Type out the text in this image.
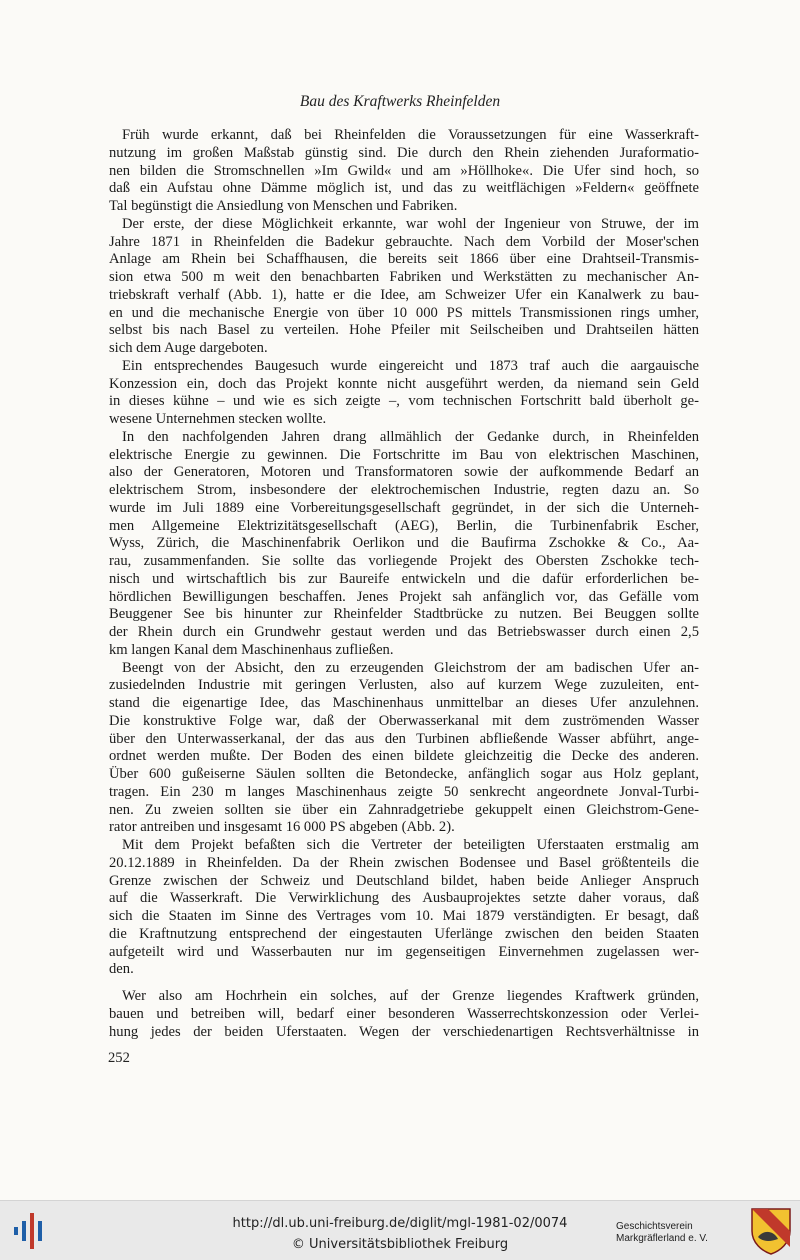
Bau des Kraftwerks Rheinfelden

Früh wurde erkannt, daß bei Rheinfelden die Voraussetzungen für eine Wasserkraft-
nutzung im großen Maßstab günstig sind. Die durch den Rhein ziehenden Juraformatio-
nen bilden die Stromschnellen »Im Gwild« und am »Höllhoke«. Die Ufer sind hoch, so
daß ein Aufstau ohne Dämme möglich ist, und das zu weitflächigen »Feldern« geöffnete
Tal begünstigt die Ansiedlung von Menschen und Fabriken.

Der erste, der diese Möglichkeit erkannte, war wohl der Ingenieur von Struwe, der im
Jahre 1871 in Rheinfelden die Badekur gebrauchte. Nach dem Vorbild der Moser'schen
Anlage am Rhein bei Schaffhausen, die bereits seit 1866 über eine Drahtseil-Transmis-
sion etwa 500 m weit den benachbarten Fabriken und Werkstätten zu mechanischer An-
triebskraft verhalf (Abb. 1), hatte er die Idee, am Schweizer Ufer ein Kanalwerk zu bau-
en und die mechanische Energie von über 10 000 PS mittels Transmissionen rings umher,
selbst bis nach Basel zu verteilen. Hohe Pfeiler mit Seilscheiben und Drahtseilen hätten
sich dem Auge dargeboten.

Ein entsprechendes Baugesuch wurde eingereicht und 1873 traf auch die aargauische
Konzession ein, doch das Projekt konnte nicht ausgeführt werden, da niemand sein Geld
in dieses kühne – und wie es sich zeigte –, vom technischen Fortschritt bald überholt ge-
wesene Unternehmen stecken wollte.

In den nachfolgenden Jahren drang allmählich der Gedanke durch, in Rheinfelden
elektrische Energie zu gewinnen. Die Fortschritte im Bau von elektrischen Maschinen,
also der Generatoren, Motoren und Transformatoren sowie der aufkommende Bedarf an
elektrischem Strom, insbesondere der elektrochemischen Industrie, regten dazu an. So
wurde im Juli 1889 eine Vorbereitungsgesellschaft gegründet, in der sich die Unterneh-
men Allgemeine Elektrizitätsgesellschaft (AEG), Berlin, die Turbinenfabrik Escher,
Wyss, Zürich, die Maschinenfabrik Oerlikon und die Baufirma Zschokke & Co., Aa-
rau, zusammenfanden. Sie sollte das vorliegende Projekt des Obersten Zschokke tech-
nisch und wirtschaftlich bis zur Baureife entwickeln und die dafür erforderlichen be-
hördlichen Bewilligungen beschaffen. Jenes Projekt sah anfänglich vor, das Gefälle vom
Beuggener See bis hinunter zur Rheinfelder Stadtbrücke zu nutzen. Bei Beuggen sollte
der Rhein durch ein Grundwehr gestaut werden und das Betriebswasser durch einen 2,5
km langen Kanal dem Maschinenhaus zufließen.

Beengt von der Absicht, den zu erzeugenden Gleichstrom der am badischen Ufer an-
zusiedelnden Industrie mit geringen Verlusten, also auf kurzem Wege zuzuleiten, ent-
stand die eigenartige Idee, das Maschinenhaus unmittelbar an dieses Ufer anzulehnen.
Die konstruktive Folge war, daß der Oberwasserkanal mit dem zuströmenden Wasser
über den Unterwasserkanal, der das aus den Turbinen abfließende Wasser abführt, ange-
ordnet werden mußte. Der Boden des einen bildete gleichzeitig die Decke des anderen.
Über 600 gußeiserne Säulen sollten die Betondecke, anfänglich sogar aus Holz geplant,
tragen. Ein 230 m langes Maschinenhaus zeigte 50 senkrecht angeordnete Jonval-Turbi-
nen. Zu zweien sollten sie über ein Zahnradgetriebe gekuppelt einen Gleichstrom-Gene-
rator antreiben und insgesamt 16 000 PS abgeben (Abb. 2).

Mit dem Projekt befaßten sich die Vertreter der beteiligten Uferstaaten erstmalig am
20.12.1889 in Rheinfelden. Da der Rhein zwischen Bodensee und Basel größtenteils die
Grenze zwischen der Schweiz und Deutschland bildet, haben beide Anlieger Anspruch
auf die Wasserkraft. Die Verwirklichung des Ausbauprojektes setzte daher voraus, daß
sich die Staaten im Sinne des Vertrages vom 10. Mai 1879 verständigten. Er besagt, daß
die Kraftnutzung entsprechend der eingestauten Uferlänge zwischen den beiden Staaten
aufgeteilt wird und Wasserbauten nur im gegenseitigen Einvernehmen zugelassen wer-
den.

Wer also am Hochrhein ein solches, auf der Grenze liegendes Kraftwerk gründen,
bauen und betreiben will, bedarf einer besonderen Wasserrechtskonzession oder Verlei-
hung jedes der beiden Uferstaaten. Wegen der verschiedenartigen Rechtsverhältnisse in

252
http://dl.ub.uni-freiburg.de/diglit/mgl-1981-02/0074
© Universitätsbibliothek Freiburg
Geschichtsverein
Markgräflerland e. V.
